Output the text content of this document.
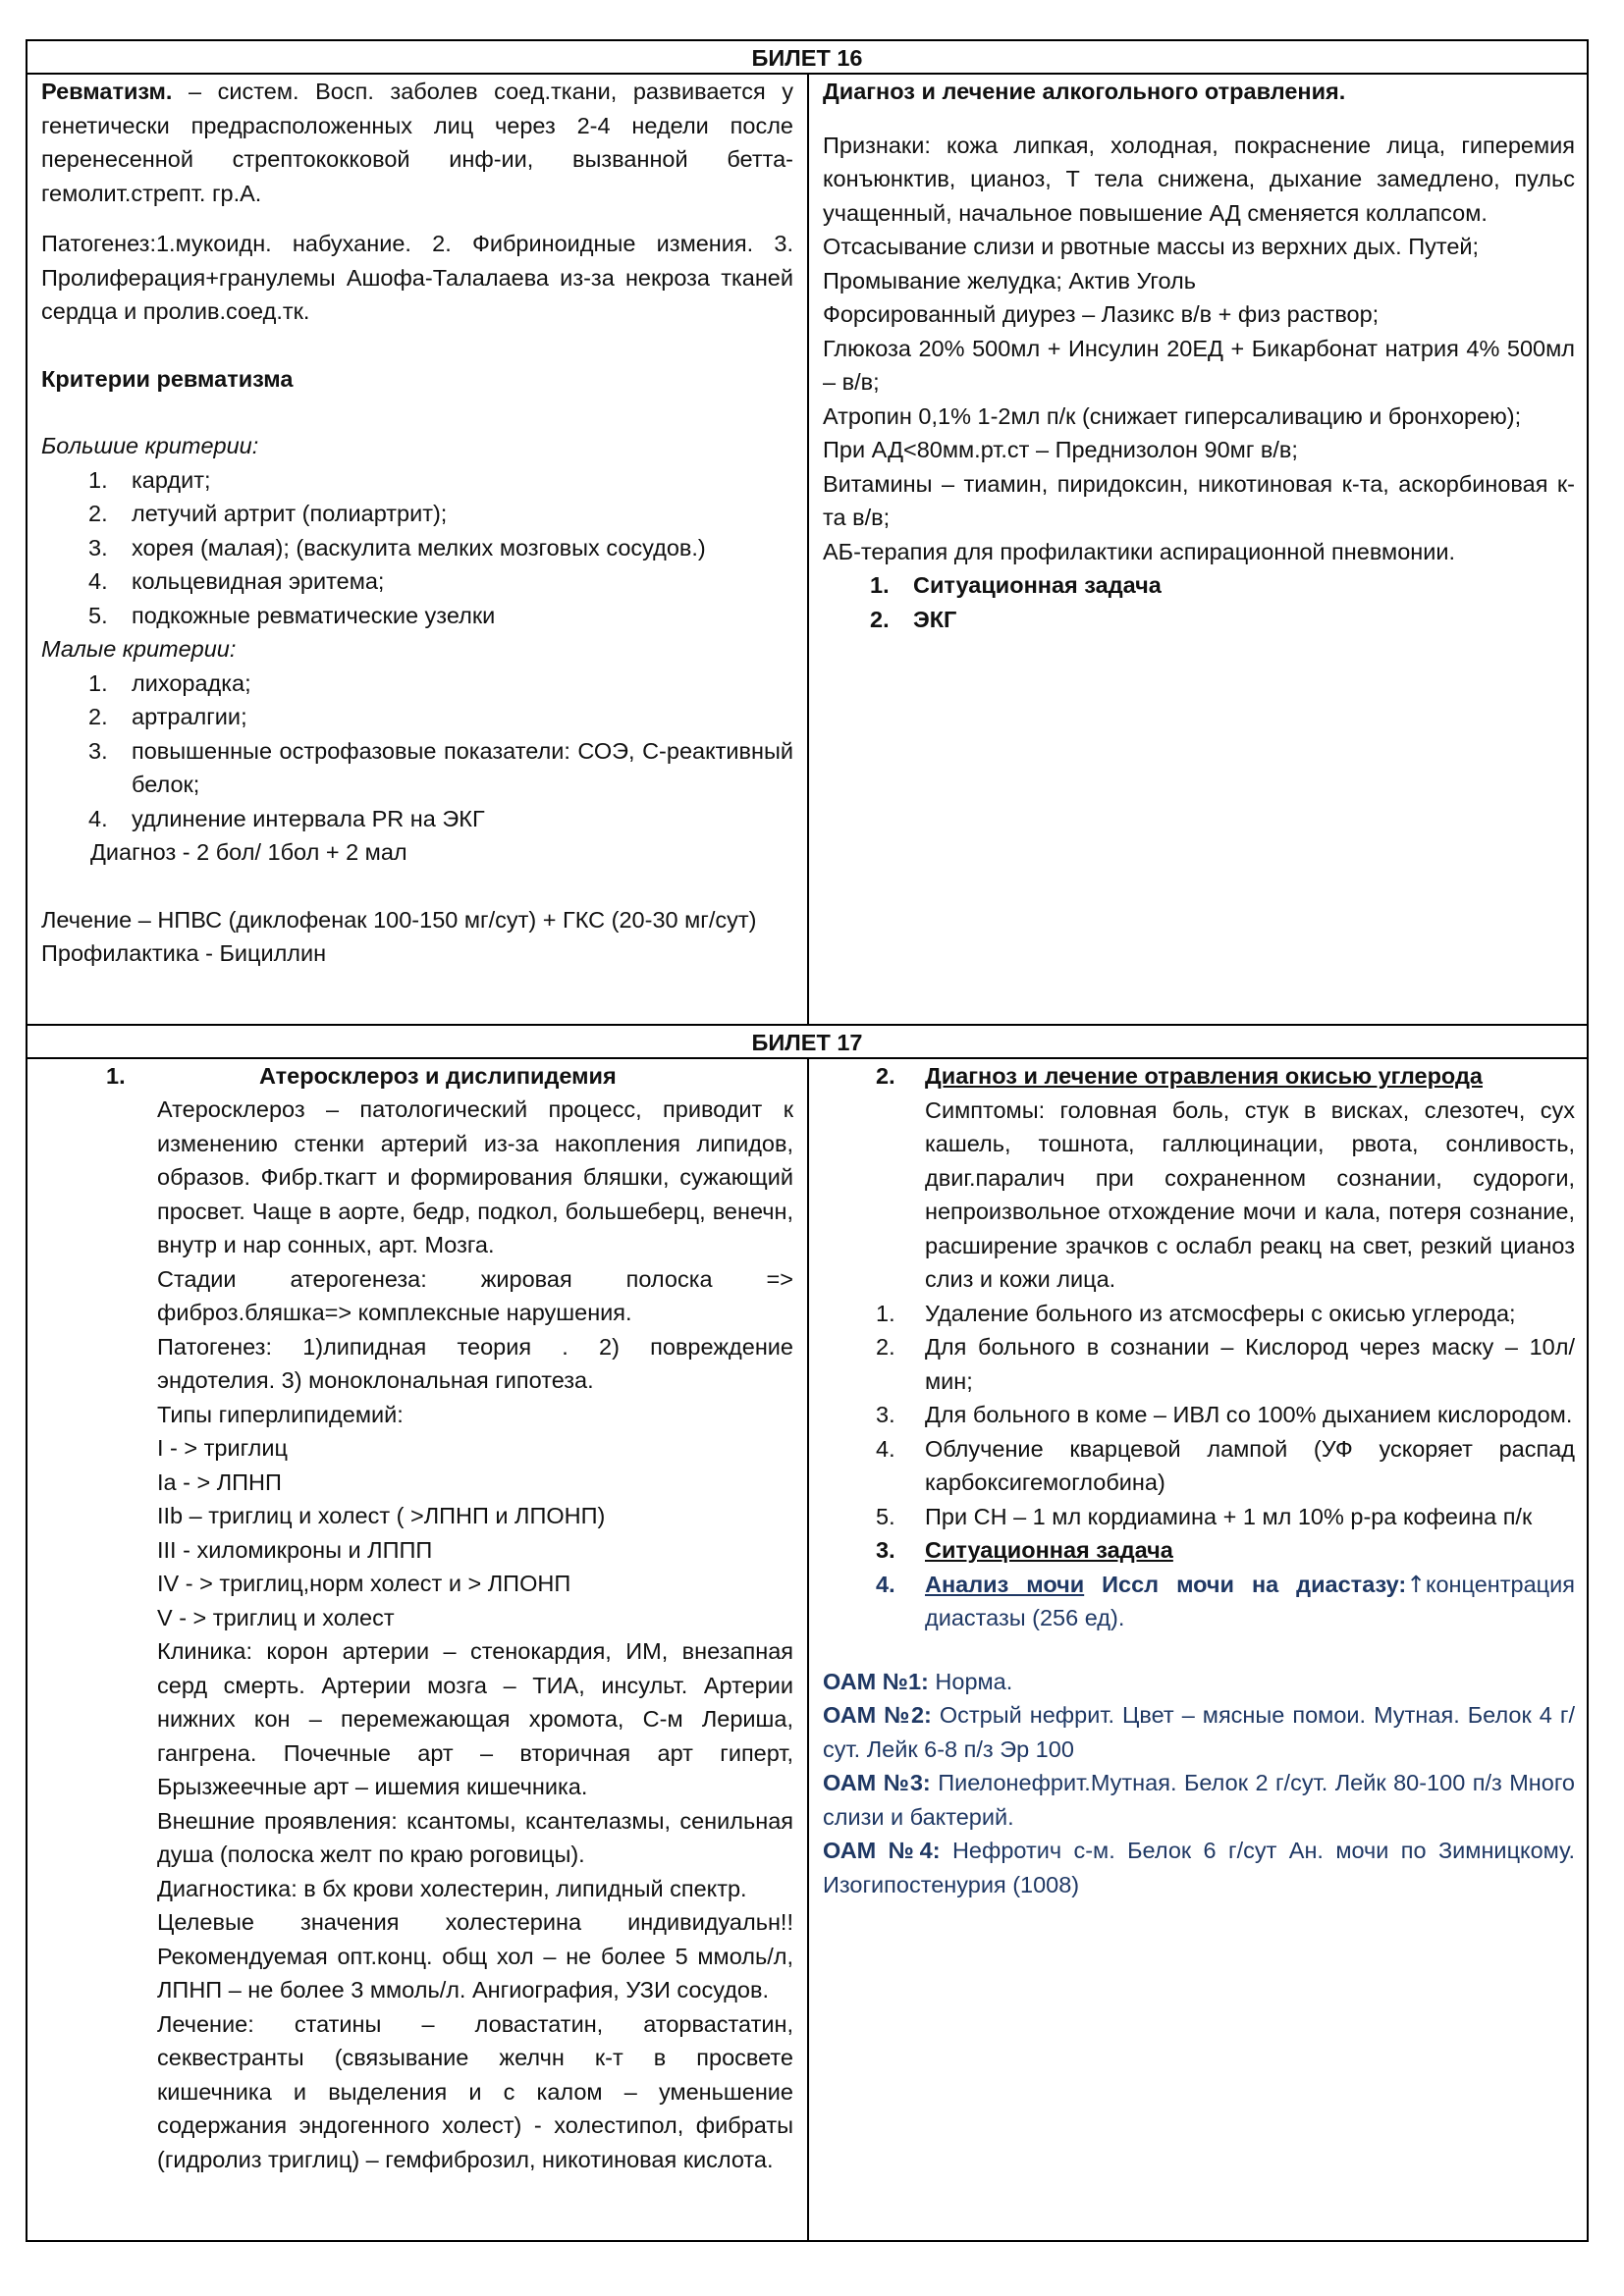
БИЛЕТ 16

Ревматизм. – систем. Восп. заболев соед.ткани, развивается у генетически предрасположенных лиц через 2-4 недели после перенесенной стрептококковой инф-ии, вызванной бетта-гемолит.стрепт. гр.А.

Патогенез:1.мукоидн. набухание. 2. Фибриноидные измения. 3. Пролиферация+гранулемы Ашофа-Талалаева из-за некроза тканей сердца и пролив.соед.тк.

Критерии ревматизма

Большие критерии:

1. кардит;
2. летучий артрит (полиартрит);
3. хорея (малая); (васкулита мелких мозговых сосудов.)
4. кольцевидная эритема;
5. подкожные ревматические узелки

Малые критерии:

1. лихорадка;
2. артралгии;
3. повышенные острофазовые показатели: СОЭ, С-реактивный белок;
4. удлинение интервала PR на ЭКГ

Диагноз - 2 бол/ 1бол + 2 мал

Лечение – НПВС (диклофенак 100-150 мг/сут) + ГКС (20-30 мг/сут)

Профилактика - Бициллин

Диагноз и лечение алкогольного отравления.

Признаки: кожа липкая, холодная, покраснение лица, гиперемия конъюнктив, цианоз, Т тела снижена, дыхание замедлено, пульс учащенный, начальное повышение АД сменяется коллапсом.

Отсасывание слизи и рвотные массы из верхних дых. Путей;

Промывание желудка; Актив Уголь

Форсированный диурез – Лазикс в/в + физ раствор;

Глюкоза 20% 500мл + Инсулин 20ЕД + Бикарбонат натрия 4% 500мл – в/в;

Атропин 0,1% 1-2мл п/к (снижает гиперсаливацию и бронхорею);

При АД<80мм.рт.ст – Преднизолон 90мг в/в;

Витамины – тиамин, пиридоксин, никотиновая к-та, аскорбиновая к-та в/в;

АБ-терапия для профилактики аспирационной пневмонии.

1. Ситуационная задача
2. ЭКГ
БИЛЕТ 17
1.	Атеросклероз и дислипидемия

Атеросклероз – патологический процесс, приводит к изменению стенки артерий из-за накопления липидов, образов. Фибр.ткагт и формирования бляшки, сужающий просвет. Чаще в аорте, бедр, подкол, большеберц, венечн, внутр и нар сонных, арт. Мозга.

Стадии атерогенеза: жировая полоска => фиброз.бляшка=> комплексные нарушения.

Патогенез: 1)липидная теория . 2) повреждение эндотелия. 3) моноклональная гипотеза.

Типы гиперлипидемий:

I - > триглиц

Ia - > ЛПНП

IIb – триглиц и холест ( >ЛПНП и ЛПОНП)

III - хиломикроны и ЛППП

IV - > триглиц,норм холест и > ЛПОНП

V - > триглиц и холест

Клиника: корон артерии – стенокардия, ИМ, внезапная серд смерть. Артерии мозга – ТИА, инсульт. Артерии нижних кон – перемежающая хромота, С-м Лериша, гангрена. Почечные арт – вторичная арт гиперт, Брызжеечные арт – ишемия кишечника.

Внешние проявления: ксантомы, ксантелазмы, сенильная душа (полоска желт по краю роговицы).

Диагностика: в бх крови холестерин, липидный спектр.

Целевые значения холестерина индивидуальн!! Рекомендуемая опт.конц. общ хол – не более 5 ммоль/л, ЛПНП – не более 3 ммоль/л. Ангиография, УЗИ сосудов.

Лечение: статины – ловастатин, аторвастатин, секвестранты (связывание желчн к-т в просвете кишечника и выделения и с калом – уменьшение содержания эндогенного холест) - холестипол, фибраты (гидролиз триглиц) – гемфиброзил, никотиновая кислота.

2. Диагноз и лечение отравления окисью углерода

Симптомы: головная боль, стук в висках, слезотеч, сух кашель, тошнота, галлюцинации, рвота, сонливость, двиг.паралич при сохраненном сознании, судороги, непроизвольное отхождение мочи и кала, потеря сознание, расширение зрачков с ослабл реакц на свет, резкий цианоз слиз и кожи лица.

1. Удаление больного из атсмосферы с окисью углерода;
2. Для больного в сознании – Кислород через маску – 10л/мин;
3. Для больного в коме – ИВЛ со 100% дыханием кислородом.
4. Облучение кварцевой лампой (УФ ускоряет распад карбоксигемоглобина)
5. При СН – 1 мл кордиамина + 1 мл 10% р-ра кофеина п/к
3. Ситуационная задача
4. Анализ мочи Иссл мочи на диастазу:↑концентрация диастазы (256 ед).

ОАМ №1: Норма.

ОАМ №2: Острый нефрит. Цвет – мясные помои. Мутная. Белок 4 г/сут. Лейк 6-8 п/з Эр 100

ОАМ №3: Пиелонефрит.Мутная. Белок 2 г/сут. Лейк 80-100 п/з Много слизи и бактерий.

ОАМ №4: Нефротич с-м. Белок 6 г/сут Ан. мочи по Зимницкому. Изогипостенурия (1008)
